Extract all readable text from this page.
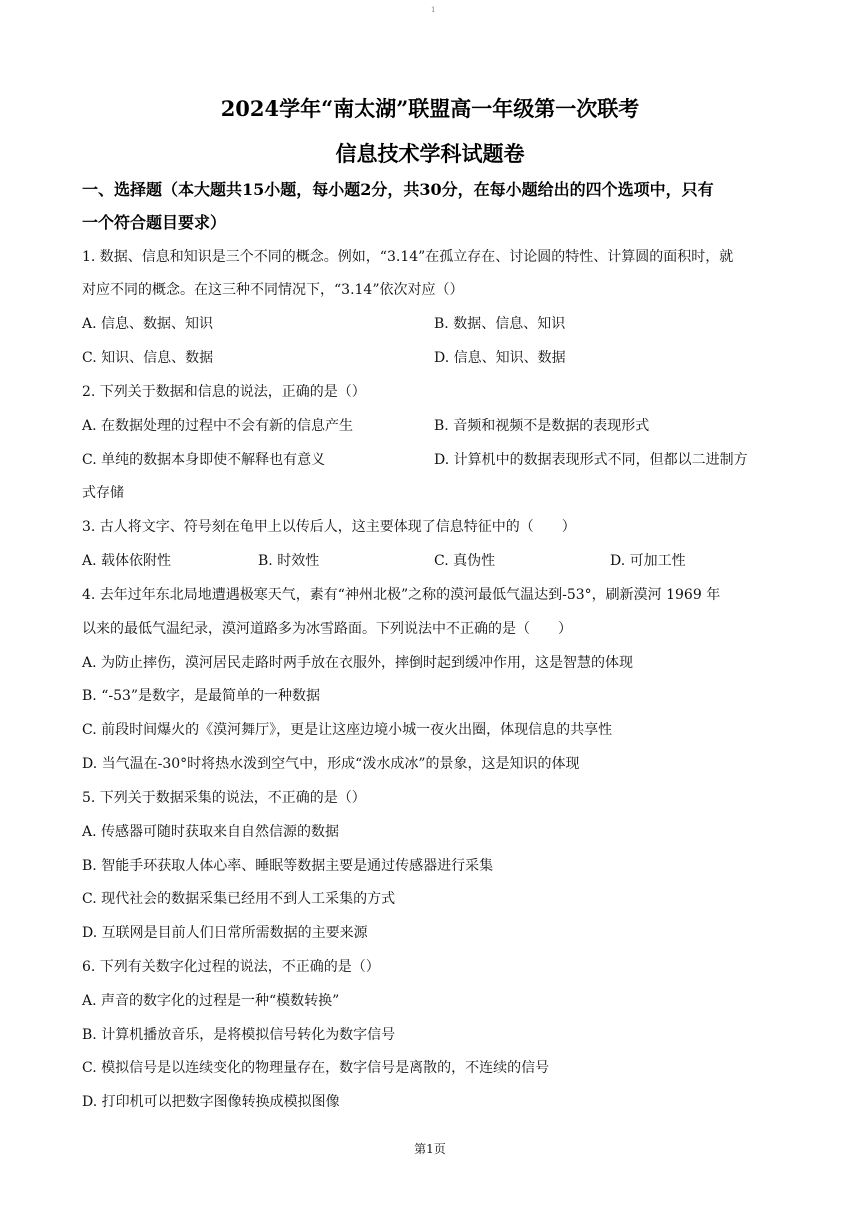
1
2024学年“南太湖”联盟高一年级第一次联考
信息技术学科试题卷
一、选择题（本大题共15小题，每小题2分，共30分，在每小题给出的四个选项中，只有
一个符合题目要求）
1. 数据、信息和知识是三个不同的概念。例如，“3.14”在孤立存在、讨论圆的特性、计算圆的面积时，就
对应不同的概念。在这三种不同情况下，“3.14”依次对应（）
A. 信息、数据、知识	B. 数据、信息、知识
C. 知识、信息、数据	D. 信息、知识、数据
2. 下列关于数据和信息的说法，正确的是（）
A. 在数据处理的过程中不会有新的信息产生	B. 音频和视频不是数据的表现形式
C. 单纯的数据本身即使不解释也有意义	D. 计算机中的数据表现形式不同，但都以二进制方
式存储
3. 古人将文字、符号刻在龟甲上以传后人，这主要体现了信息特征中的（　　）
A. 载体依附性	B. 时效性	C. 真伪性	D. 可加工性
4. 去年过年东北局地遭遇极寒天气，素有“神州北极”之称的漠河最低气温达到-53°，刷新漠河 1969 年
以来的最低气温纪录，漠河道路多为冰雪路面。下列说法中不正确的是（　　）
A. 为防止摔伤，漠河居民走路时两手放在衣服外，摔倒时起到缓冲作用，这是智慧的体现
B. “-53”是数字，是最简单的一种数据
C. 前段时间爆火的《漠河舞厅》，更是让这座边境小城一夜火出圈，体现信息的共享性
D. 当气温在-30°时将热水泼到空气中，形成“泼水成冰”的景象，这是知识的体现
5. 下列关于数据采集的说法，不正确的是（）
A. 传感器可随时获取来自自然信源的数据
B. 智能手环获取人体心率、睡眠等数据主要是通过传感器进行采集
C. 现代社会的数据采集已经用不到人工采集的方式
D. 互联网是目前人们日常所需数据的主要来源
6. 下列有关数字化过程的说法，不正确的是（）
A. 声音的数字化的过程是一种“模数转换”
B. 计算机播放音乐，是将模拟信号转化为数字信号
C. 模拟信号是以连续变化的物理量存在，数字信号是离散的，不连续的信号
D. 打印机可以把数字图像转换成模拟图像
第1页
